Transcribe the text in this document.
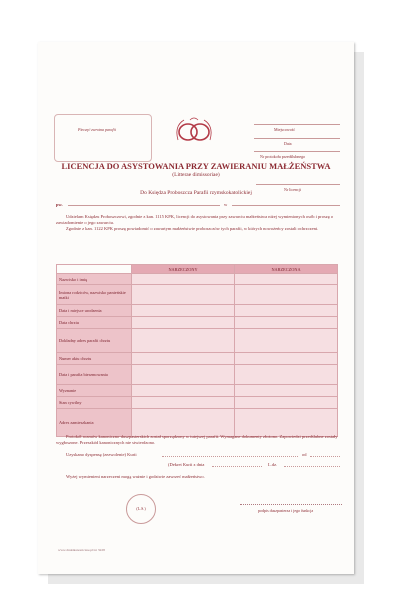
Pieczęć zwrotna parafii	Miejscowość
Data
Nr protokołu przedślubnego
LICENCJA DO ASYSTOWANIA PRZY ZAWIERANIU MAŁŻEŃSTWA
(Litterae dimissoriae)
Nr licencji
Do Księdza Proboszcza Parafii rzymskokatolickiej
pw.	w
Udzielam Księdzu Proboszczowi, zgodnie z kan. 1115 KPK, licencji do asystowania przy zawarciu małżeństwa niżej wymienionych osób i proszę o zawiadomienie o jego zawarciu.
Zgodnie z kan. 1122 KPK proszę powiadomić o zawartym małżeństwie proboszczów tych parafii, w których nowożeńcy zostali ochrzczeni.
	NARZECZONY	NARZECZONA
Nazwisko i imię		
Imiona rodziców, nazwisko panieńskie matki		
Data i miejsce urodzenia		
Data chrztu		
Dokładny adres parafii chrztu		
Numer aktu chrztu		
Data i parafia bierzmowania		
Wyznanie		
Stan cywilny		
Adres zamieszkania		
Protokół rozmów kanoniczno-duszpasterskich został sporządzony w tutejszej parafii. Wymagane dokumenty złożono. Zapowiedzi przedślubne zostały wygłoszone. Przeszkód kanonicznych nie stwierdzono.
Uzyskano dyspensę (zezwolenie) Kurii	od
(Dekret Kurii z dnia	L.dz.
Wyżej wymienieni narzeczeni mogą ważnie i godziwie zawrzeć małżeństwo.
(L.S.)	podpis duszpasterza i jego funkcja
www.drukikanoniczne.pl/nr 3228
